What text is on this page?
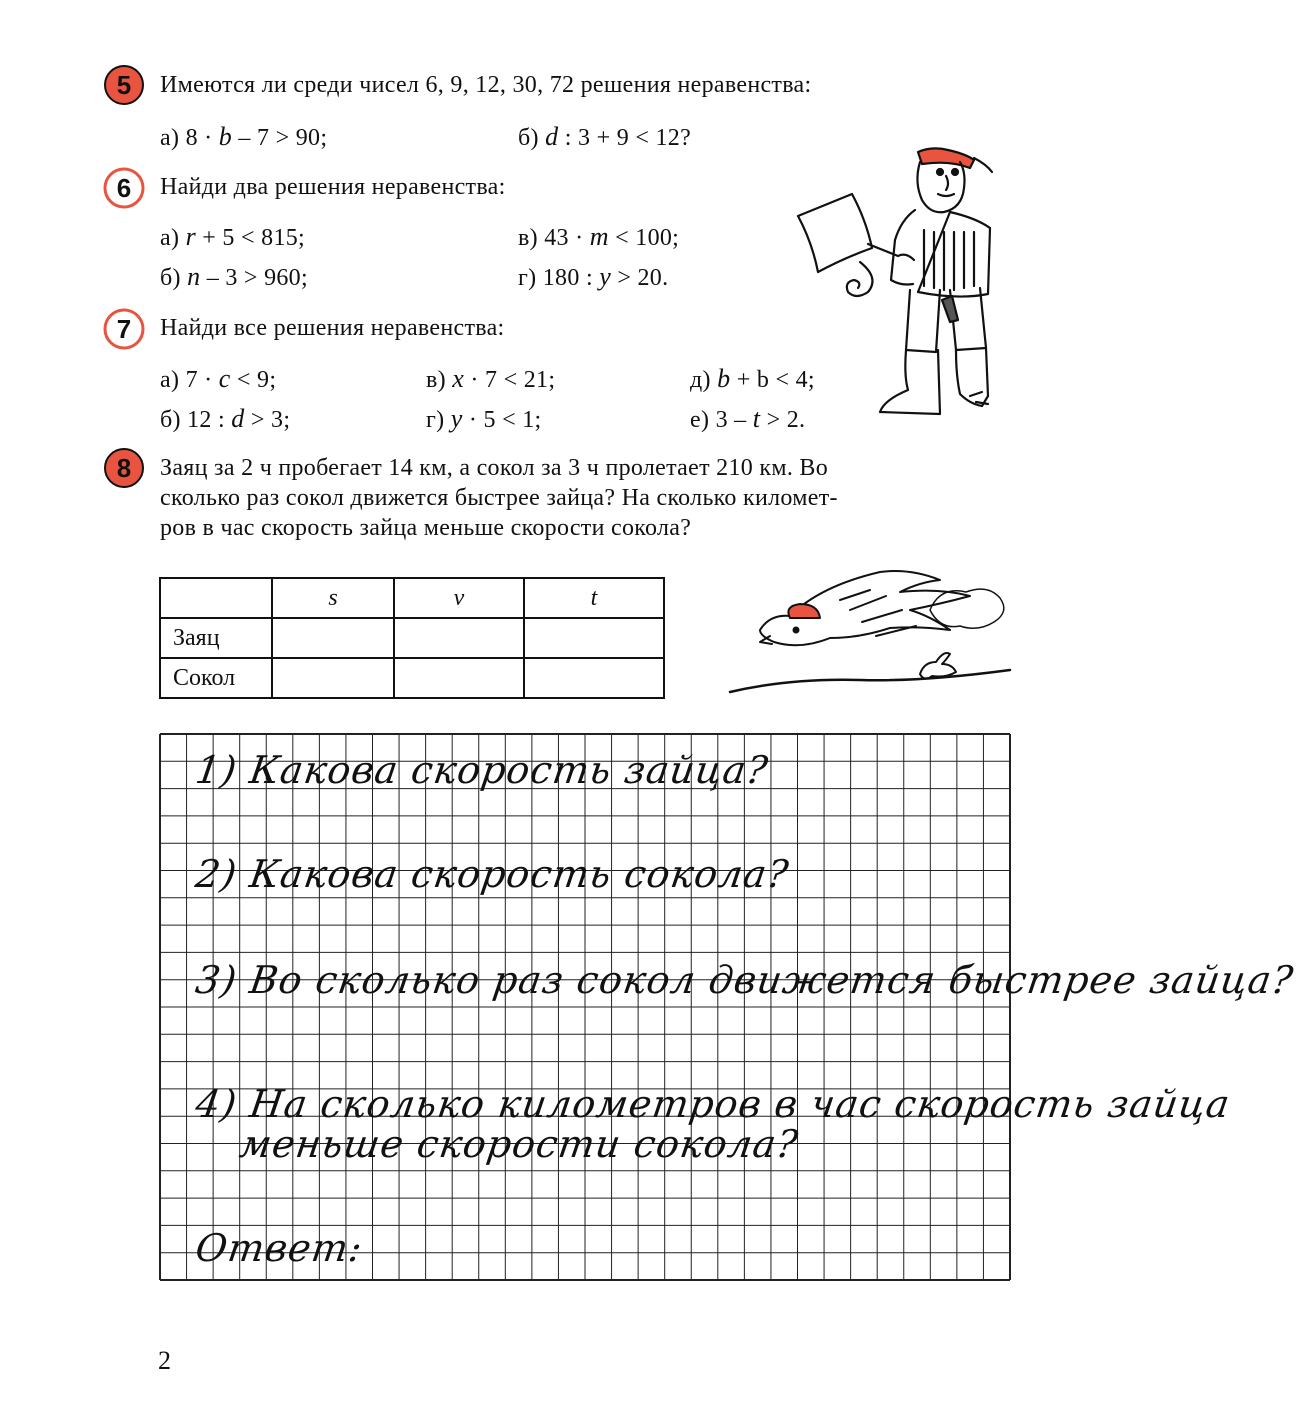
5 Имеются ли среди чисел 6, 9, 12, 30, 72 решения неравенства:
а) 8 · b – 7 > 90;	б) d : 3 + 9 < 12?
6 Найди два решения неравенства:
а) r + 5 < 815;	в) 43 · m < 100;
б) n – 3 > 960;	г) 180 : y > 20.
7 Найди все решения неравенства:
а) 7 · c < 9;	в) x · 7 < 21;	д) b + b < 4;
б) 12 : d > 3;	г) y · 5 < 1;	е) 3 – t > 2.
8 Заяц за 2 ч пробегает 14 км, а сокол за 3 ч пролетает 210 км. Во
сколько раз сокол движется быстрее зайца? На сколько километ-
ров в час скорость зайца меньше скорости сокола?
	s	v	t
Заяц			
Сокол			
1) Какова скорость зайца?
2) Какова скорость сокола?
3) Во сколько раз сокол движется быстрее зайца?
4) На сколько километров в час скорость зайца
меньше скорости сокола?
Ответ:
2
